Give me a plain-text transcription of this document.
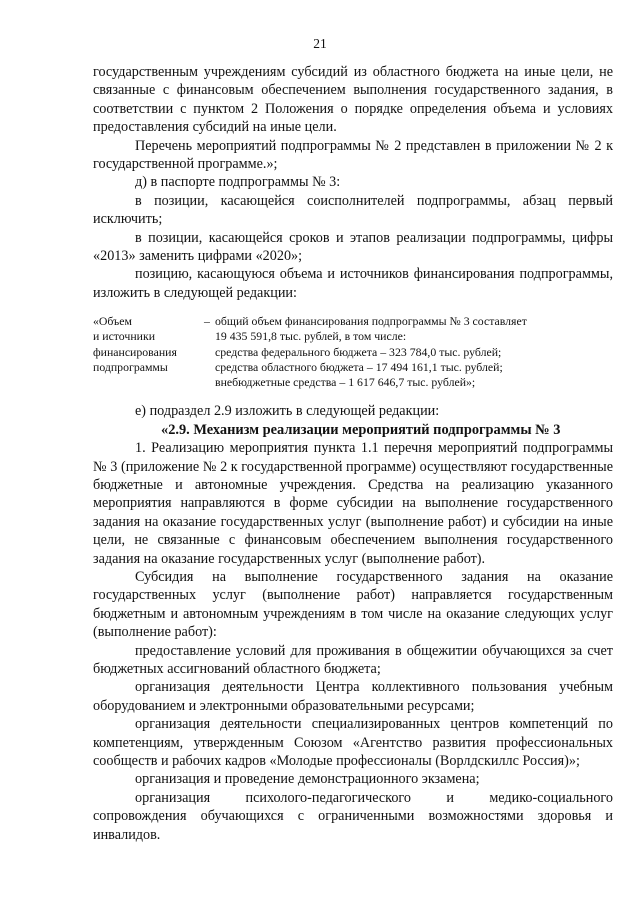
21

государственным учреждениям субсидий из областного бюджета на иные цели, не связанные с финансовым обеспечением выполнения государственного задания, в соответствии с пунктом 2 Положения о порядке определения объема и условиях предоставления субсидий на иные цели.

Перечень мероприятий подпрограммы № 2 представлен в приложении № 2 к государственной программе.»;

д) в паспорте подпрограммы № 3:

в позиции, касающейся соисполнителей подпрограммы, абзац первый исключить;

в позиции, касающейся сроков и этапов реализации подпрограммы, цифры «2013» заменить цифрами «2020»;

позицию, касающуюся объема и источников финансирования подпрограммы, изложить в следующей редакции:

«Объем
и источники
финансирования
подпрограммы
– общий объем финансирования подпрограммы № 3 составляет
19 435 591,8 тыс. рублей, в том числе:
средства федерального бюджета – 323 784,0 тыс. рублей;
средства областного бюджета – 17 494 161,1 тыс. рублей;
внебюджетные средства – 1 617 646,7 тыс. рублей»;

е) подраздел 2.9 изложить в следующей редакции:

«2.9. Механизм реализации мероприятий подпрограммы № 3

1. Реализацию мероприятия пункта 1.1 перечня мероприятий подпрограммы № 3 (приложение № 2 к государственной программе) осуществляют государственные бюджетные и автономные учреждения. Средства на реализацию указанного мероприятия направляются в форме субсидии на выполнение государственного задания на оказание государственных услуг (выполнение работ) и субсидии на иные цели, не связанные с финансовым обеспечением выполнения государственного задания на оказание государственных услуг (выполнение работ).

Субсидия на выполнение государственного задания на оказание государственных услуг (выполнение работ) направляется государственным бюджетным и автономным учреждениям в том числе на оказание следующих услуг (выполнение работ):

предоставление условий для проживания в общежитии обучающихся за счет бюджетных ассигнований областного бюджета;

организация деятельности Центра коллективного пользования учебным оборудованием и электронными образовательными ресурсами;

организация деятельности специализированных центров компетенций по компетенциям, утвержденным Союзом «Агентство развития профессиональных сообществ и рабочих кадров «Молодые профессионалы (Ворлдскиллс Россия)»;

организация и проведение демонстрационного экзамена;

организация психолого-педагогического и медико-социального сопровождения обучающихся с ограниченными возможностями здоровья и инвалидов.
